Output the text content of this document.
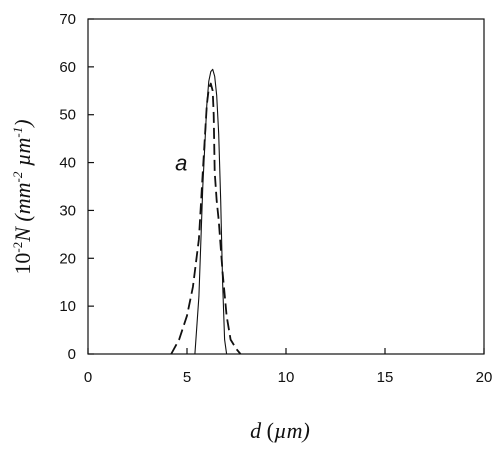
0	5	10	15	20
0
10
20
30
40
50
60
70
a
d (µm)
$10^{-2}N$ ($mm^{-2}$ µm$^{-1}$)
